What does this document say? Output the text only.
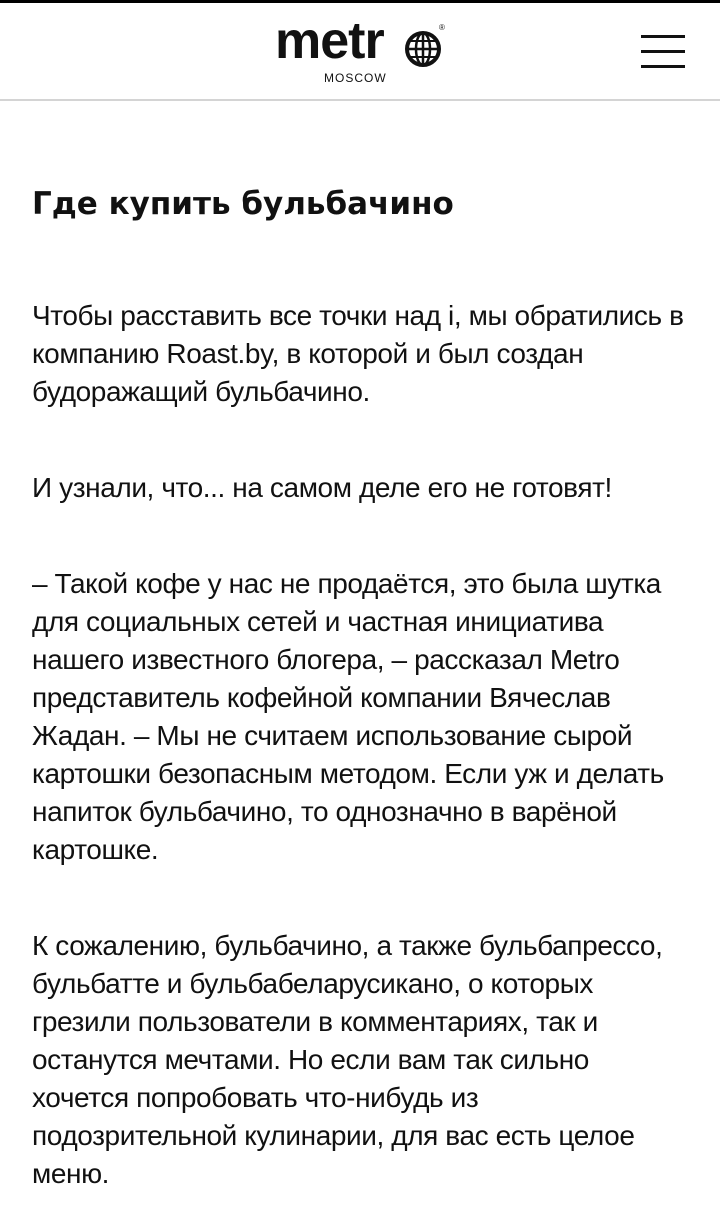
metr	®
MOSCOW
Где купить бульбачино

Чтобы расставить все точки над i, мы обратились в
компанию Roast.by, в которой и был создан
будоражащий бульбачино.

И узнали, что... на самом деле его не готовят!

– Такой кофе у нас не продаётся, это была шутка
для социальных сетей и частная инициатива
нашего известного блогера, – рассказал Metro
представитель кофейной компании Вячеслав
Жадан. – Мы не считаем использование сырой
картошки безопасным методом. Если уж и делать
напиток бульбачино, то однозначно в варёной
картошке.

К сожалению, бульбачино, а также бульбапрессо,
бульбатте и бульбабеларусикано, о которых
грезили пользователи в комментариях, так и
останутся мечтами. Но если вам так сильно
хочется попробовать что-нибудь из
подозрительной кулинарии, для вас есть целое
меню.
